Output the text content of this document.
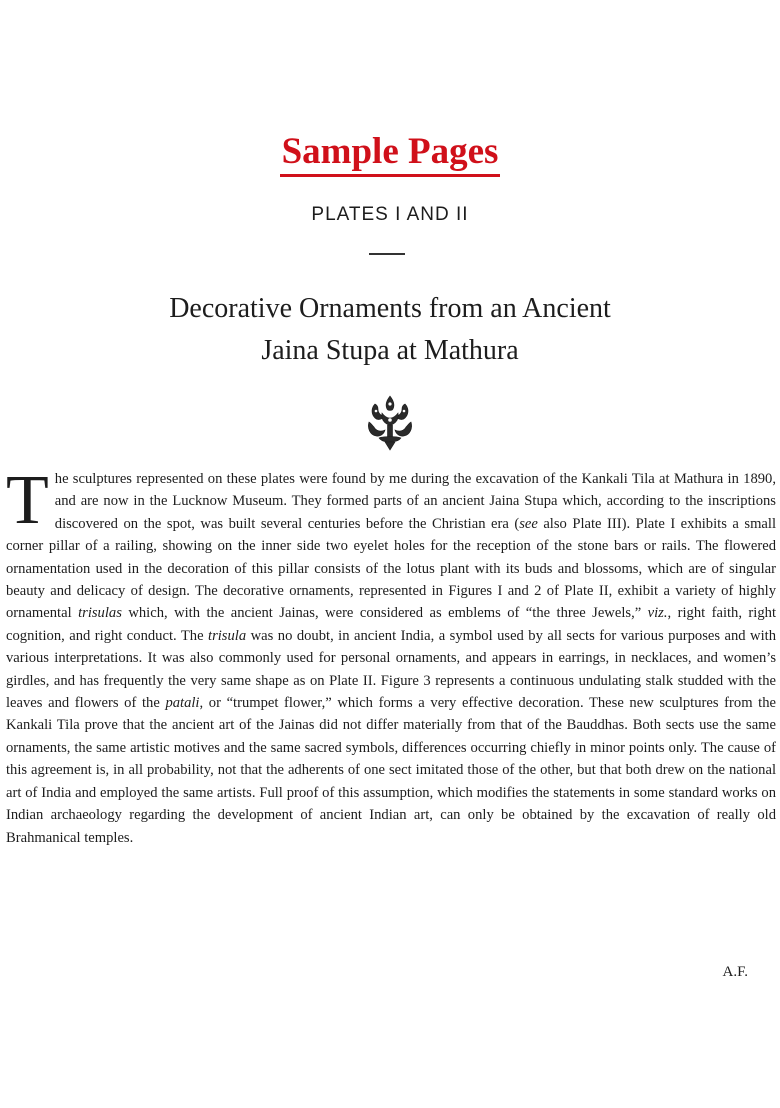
Sample Pages
PLATES I AND II
Decorative Ornaments from an Ancient
Jaina Stupa at Mathura
The sculptures represented on these plates were found by me during the excavation of the Kankali Tila at Mathura in 1890, and are now in the Lucknow Museum. They formed parts of an ancient Jaina Stupa which, according to the inscriptions discovered on the spot, was built several centuries before the Christian era (see also Plate III). Plate I exhibits a small corner pillar of a railing, showing on the inner side two eyelet holes for the reception of the stone bars or rails. The flowered ornamentation used in the decoration of this pillar consists of the lotus plant with its buds and blossoms, which are of singular beauty and delicacy of design. The decorative ornaments, represented in Figures I and 2 of Plate II, exhibit a variety of highly ornamental trisulas which, with the ancient Jainas, were considered as emblems of “the three Jewels,” viz., right faith, right cognition, and right conduct. The trisula was no doubt, in ancient India, a symbol used by all sects for various purposes and with various interpretations. It was also commonly used for personal ornaments, and appears in earrings, in necklaces, and women’s girdles, and has frequently the very same shape as on Plate II. Figure 3 represents a continuous undulating stalk studded with the leaves and flowers of the patali, or “trumpet flower,” which forms a very effective decoration. These new sculptures from the Kankali Tila prove that the ancient art of the Jainas did not differ materially from that of the Bauddhas. Both sects use the same ornaments, the same artistic motives and the same sacred symbols, differences occurring chiefly in minor points only. The cause of this agreement is, in all probability, not that the adherents of one sect imitated those of the other, but that both drew on the national art of India and employed the same artists. Full proof of this assumption, which modifies the statements in some standard works on Indian archaeology regarding the development of ancient Indian art, can only be obtained by the excavation of really old Brahmanical temples.
A.F.
